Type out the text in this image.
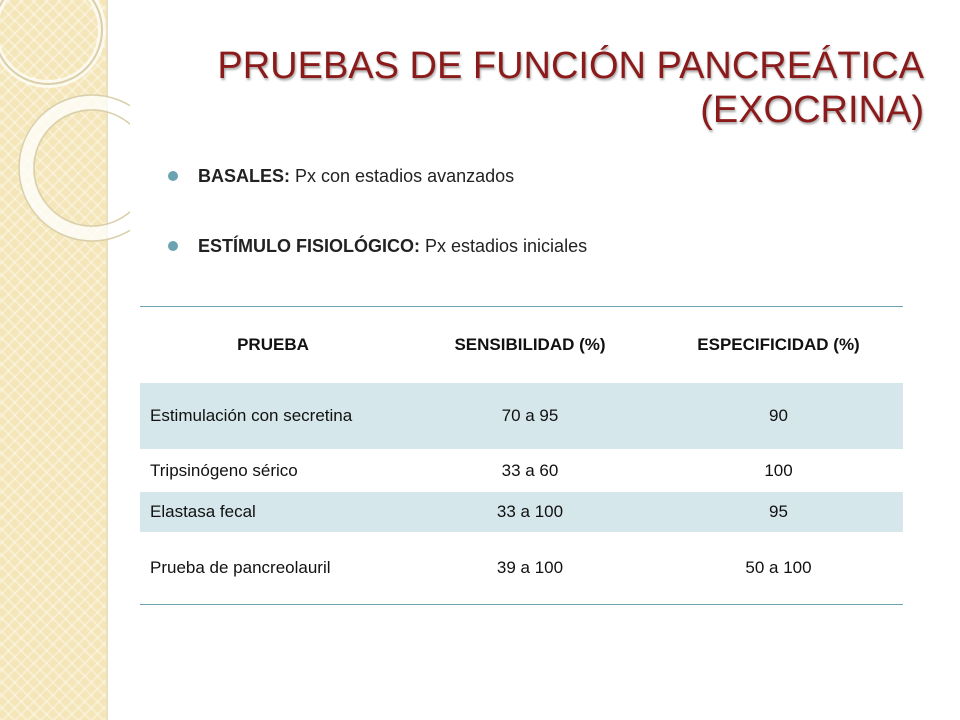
PRUEBAS DE FUNCIÓN PANCREÁTICA
(EXOCRINA)
BASALES: Px con estadios avanzados
ESTÍMULO FISIOLÓGICO: Px estadios iniciales
PRUEBA	SENSIBILIDAD (%)	ESPECIFICIDAD (%)
Estimulación con secretina	70 a 95	90
Tripsinógeno sérico	33 a 60	100
Elastasa fecal	33 a 100	95
Prueba de pancreolauril	39 a 100	50 a 100
